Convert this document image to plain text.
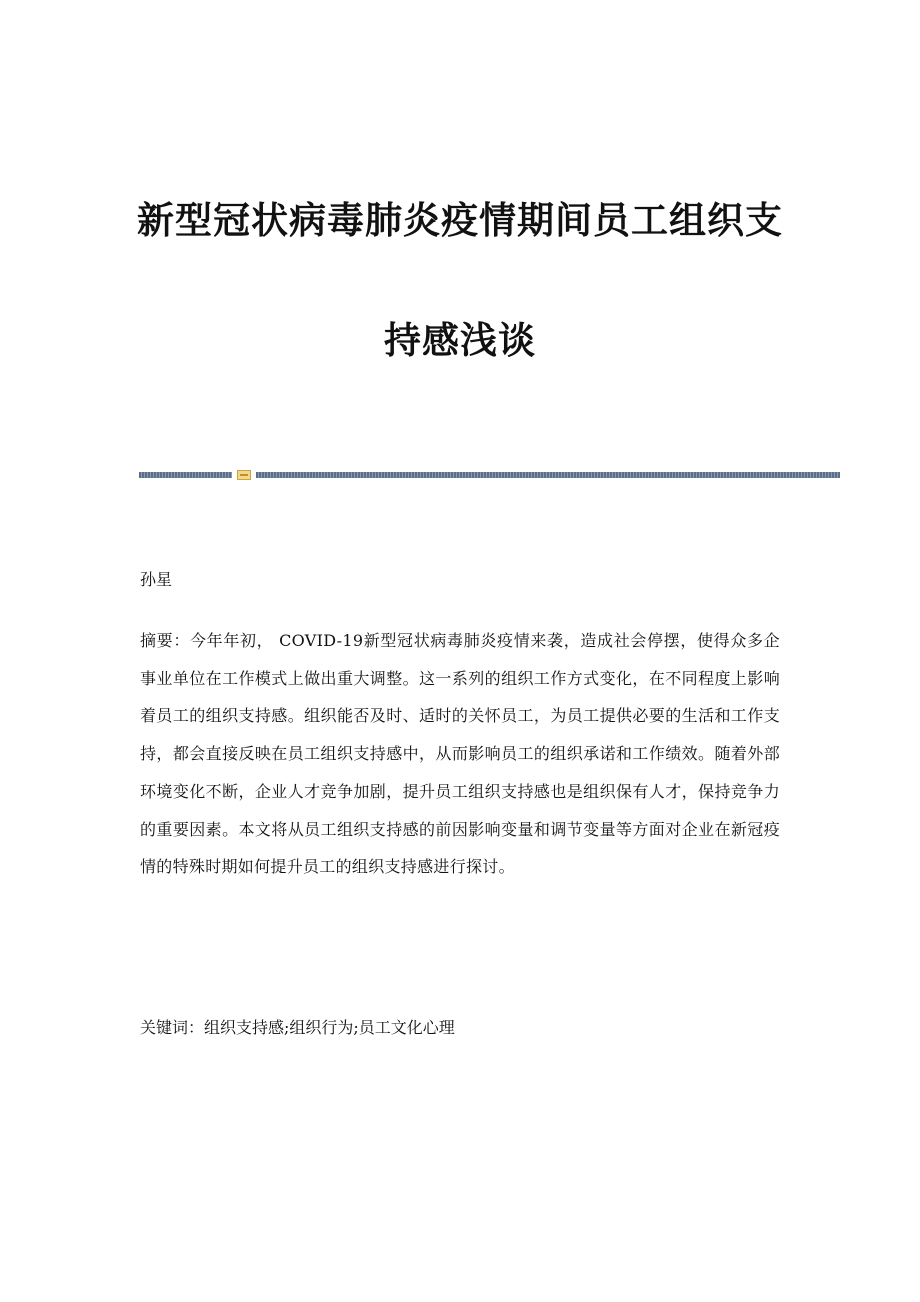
新型冠状病毒肺炎疫情期间员工组织支
持感浅谈
孙星
摘要：今年年初， COVID-19新型冠状病毒肺炎疫情来袭，造成社会停摆，使得众多企事业单位在工作模式上做出重大调整。这一系列的组织工作方式变化，在不同程度上影响着员工的组织支持感。组织能否及时、适时的关怀员工，为员工提供必要的生活和工作支持，都会直接反映在员工组织支持感中，从而影响员工的组织承诺和工作绩效。随着外部环境变化不断，企业人才竞争加剧，提升员工组织支持感也是组织保有人才，保持竞争力的重要因素。本文将从员工组织支持感的前因影响变量和调节变量等方面对企业在新冠疫情的特殊时期如何提升员工的组织支持感进行探讨。
关键词：组织支持感;组织行为;员工文化心理
